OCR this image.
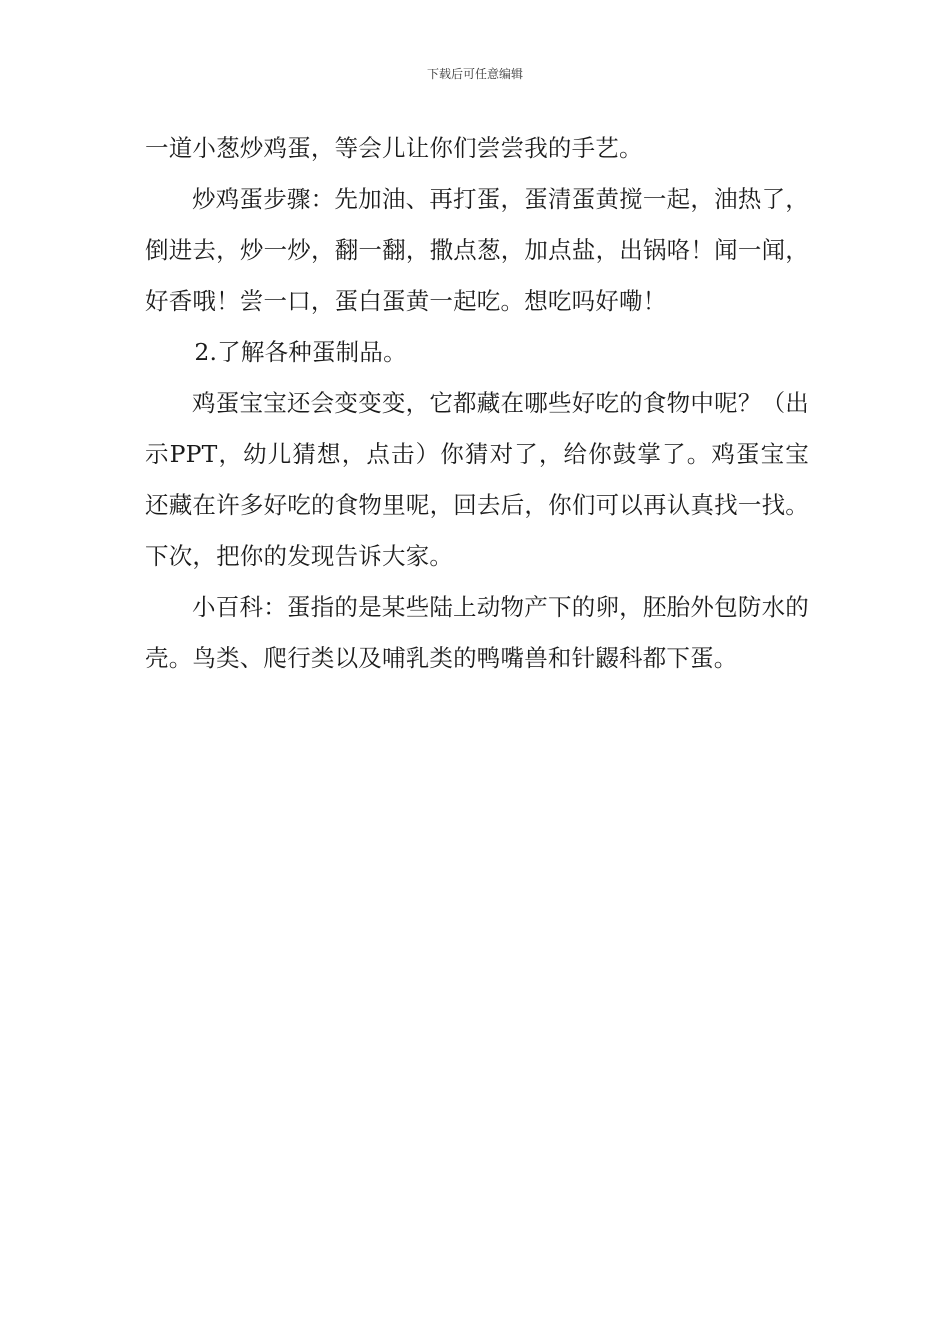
下载后可任意编辑

一道小葱炒鸡蛋，等会儿让你们尝尝我的手艺。

炒鸡蛋步骤：先加油、再打蛋，蛋清蛋黄搅一起，油热了，倒进去，炒一炒，翻一翻，撒点葱，加点盐，出锅咯！闻一闻，好香哦！尝一口，蛋白蛋黄一起吃。想吃吗好嘞！

2.了解各种蛋制品。

鸡蛋宝宝还会变变变，它都藏在哪些好吃的食物中呢？（出示PPT，幼儿猜想，点击）你猜对了，给你鼓掌了。鸡蛋宝宝还藏在许多好吃的食物里呢，回去后，你们可以再认真找一找。下次，把你的发现告诉大家。

小百科：蛋指的是某些陆上动物产下的卵，胚胎外包防水的壳。鸟类、爬行类以及哺乳类的鸭嘴兽和针鼹科都下蛋。
